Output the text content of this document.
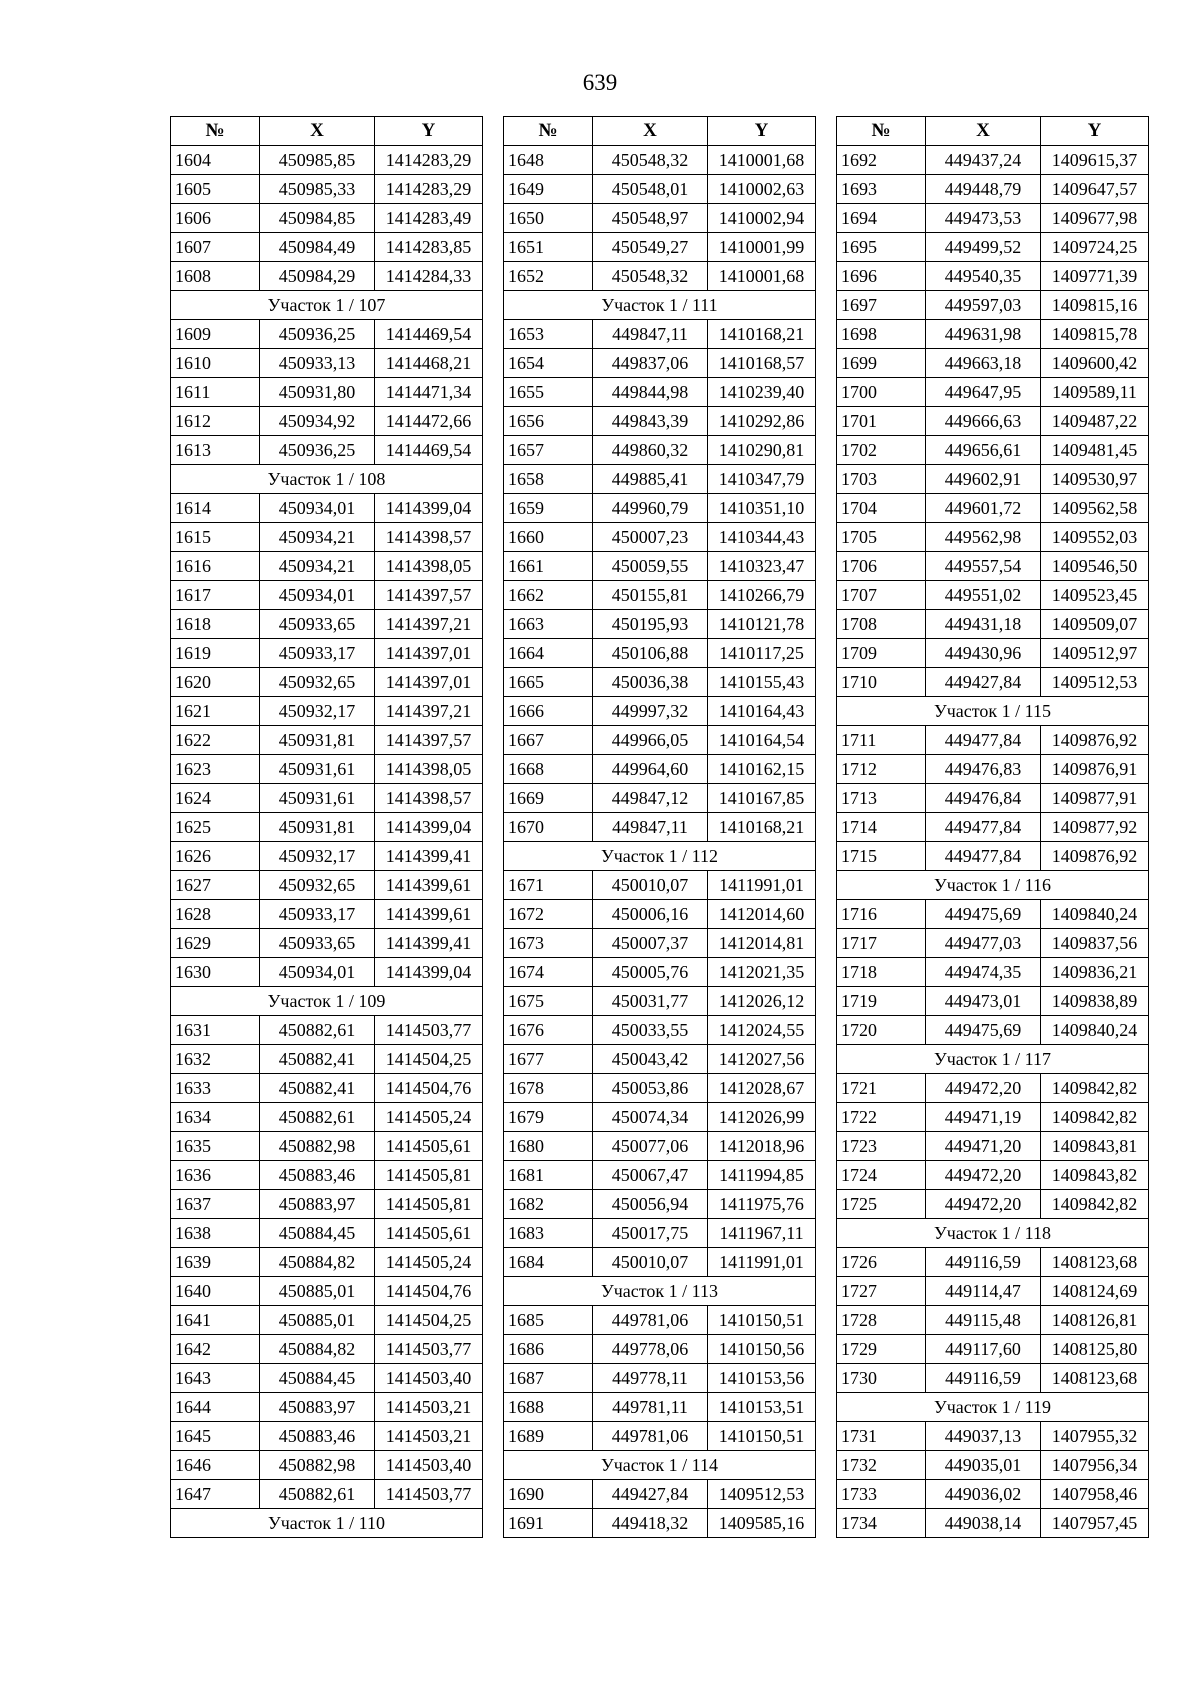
639
№	X	Y
1604	450985,85	1414283,29
1605	450985,33	1414283,29
1606	450984,85	1414283,49
1607	450984,49	1414283,85
1608	450984,29	1414284,33
Участок 1 / 107		
1609	450936,25	1414469,54
1610	450933,13	1414468,21
1611	450931,80	1414471,34
1612	450934,92	1414472,66
1613	450936,25	1414469,54
Участок 1 / 108		
1614	450934,01	1414399,04
1615	450934,21	1414398,57
1616	450934,21	1414398,05
1617	450934,01	1414397,57
1618	450933,65	1414397,21
1619	450933,17	1414397,01
1620	450932,65	1414397,01
1621	450932,17	1414397,21
1622	450931,81	1414397,57
1623	450931,61	1414398,05
1624	450931,61	1414398,57
1625	450931,81	1414399,04
1626	450932,17	1414399,41
1627	450932,65	1414399,61
1628	450933,17	1414399,61
1629	450933,65	1414399,41
1630	450934,01	1414399,04
Участок 1 / 109		
1631	450882,61	1414503,77
1632	450882,41	1414504,25
1633	450882,41	1414504,76
1634	450882,61	1414505,24
1635	450882,98	1414505,61
1636	450883,46	1414505,81
1637	450883,97	1414505,81
1638	450884,45	1414505,61
1639	450884,82	1414505,24
1640	450885,01	1414504,76
1641	450885,01	1414504,25
1642	450884,82	1414503,77
1643	450884,45	1414503,40
1644	450883,97	1414503,21
1645	450883,46	1414503,21
1646	450882,98	1414503,40
1647	450882,61	1414503,77
Участок 1 / 110		
№	X	Y
1648	450548,32	1410001,68
1649	450548,01	1410002,63
1650	450548,97	1410002,94
1651	450549,27	1410001,99
1652	450548,32	1410001,68
Участок 1 / 111		
1653	449847,11	1410168,21
1654	449837,06	1410168,57
1655	449844,98	1410239,40
1656	449843,39	1410292,86
1657	449860,32	1410290,81
1658	449885,41	1410347,79
1659	449960,79	1410351,10
1660	450007,23	1410344,43
1661	450059,55	1410323,47
1662	450155,81	1410266,79
1663	450195,93	1410121,78
1664	450106,88	1410117,25
1665	450036,38	1410155,43
1666	449997,32	1410164,43
1667	449966,05	1410164,54
1668	449964,60	1410162,15
1669	449847,12	1410167,85
1670	449847,11	1410168,21
Участок 1 / 112		
1671	450010,07	1411991,01
1672	450006,16	1412014,60
1673	450007,37	1412014,81
1674	450005,76	1412021,35
1675	450031,77	1412026,12
1676	450033,55	1412024,55
1677	450043,42	1412027,56
1678	450053,86	1412028,67
1679	450074,34	1412026,99
1680	450077,06	1412018,96
1681	450067,47	1411994,85
1682	450056,94	1411975,76
1683	450017,75	1411967,11
1684	450010,07	1411991,01
Участок 1 / 113		
1685	449781,06	1410150,51
1686	449778,06	1410150,56
1687	449778,11	1410153,56
1688	449781,11	1410153,51
1689	449781,06	1410150,51
Участок 1 / 114		
1690	449427,84	1409512,53
1691	449418,32	1409585,16
№	X	Y
1692	449437,24	1409615,37
1693	449448,79	1409647,57
1694	449473,53	1409677,98
1695	449499,52	1409724,25
1696	449540,35	1409771,39
1697	449597,03	1409815,16
1698	449631,98	1409815,78
1699	449663,18	1409600,42
1700	449647,95	1409589,11
1701	449666,63	1409487,22
1702	449656,61	1409481,45
1703	449602,91	1409530,97
1704	449601,72	1409562,58
1705	449562,98	1409552,03
1706	449557,54	1409546,50
1707	449551,02	1409523,45
1708	449431,18	1409509,07
1709	449430,96	1409512,97
1710	449427,84	1409512,53
Участок 1 / 115		
1711	449477,84	1409876,92
1712	449476,83	1409876,91
1713	449476,84	1409877,91
1714	449477,84	1409877,92
1715	449477,84	1409876,92
Участок 1 / 116		
1716	449475,69	1409840,24
1717	449477,03	1409837,56
1718	449474,35	1409836,21
1719	449473,01	1409838,89
1720	449475,69	1409840,24
Участок 1 / 117		
1721	449472,20	1409842,82
1722	449471,19	1409842,82
1723	449471,20	1409843,81
1724	449472,20	1409843,82
1725	449472,20	1409842,82
Участок 1 / 118		
1726	449116,59	1408123,68
1727	449114,47	1408124,69
1728	449115,48	1408126,81
1729	449117,60	1408125,80
1730	449116,59	1408123,68
Участок 1 / 119		
1731	449037,13	1407955,32
1732	449035,01	1407956,34
1733	449036,02	1407958,46
1734	449038,14	1407957,45
